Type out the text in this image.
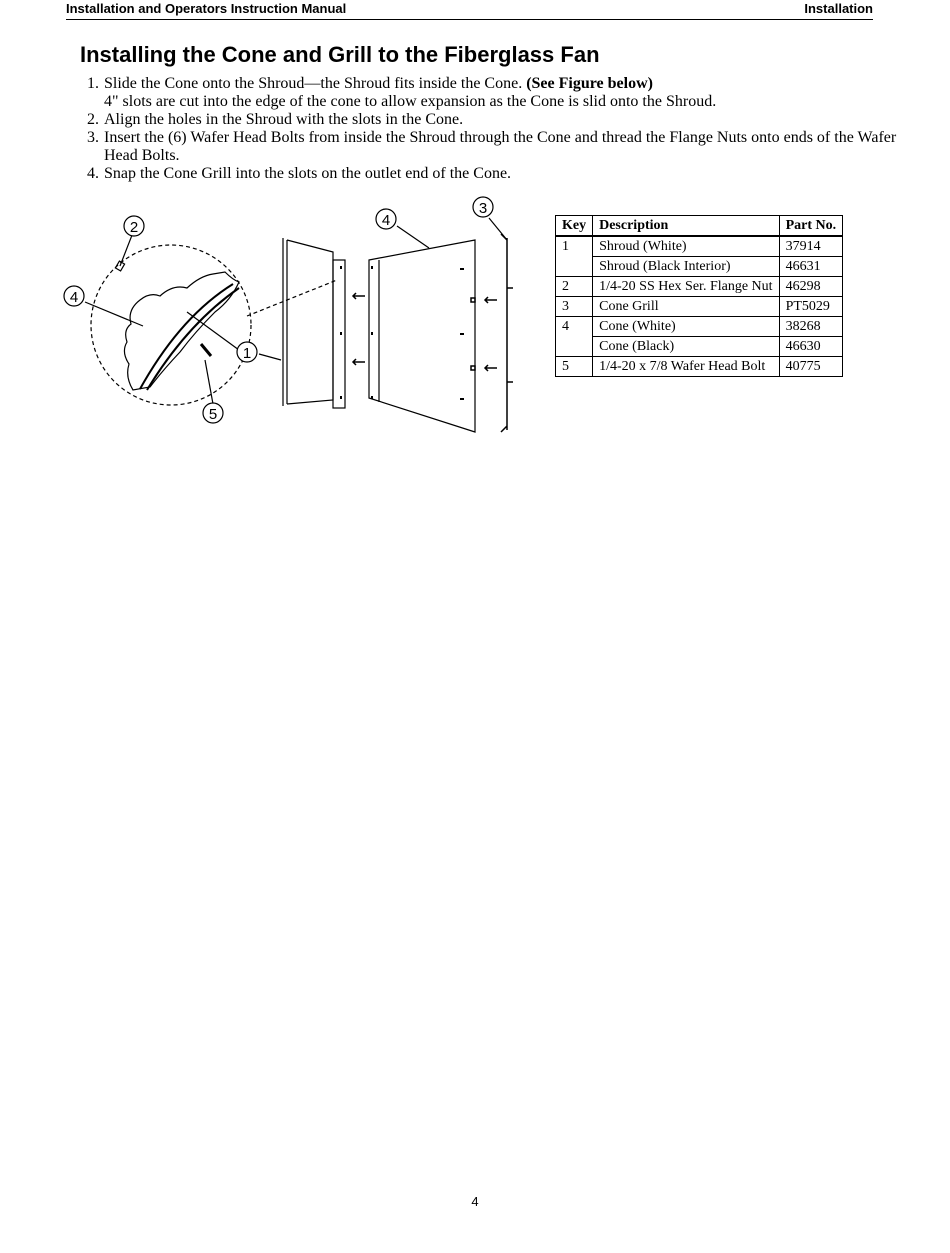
Installation and Operators Instruction Manual	Installation
Installing the Cone and Grill to the Fiberglass Fan

1. Slide the Cone onto the Shroud—the Shroud fits inside the Cone. (See Figure below)

4" slots are cut into the edge of the cone to allow expansion as the Cone is slid onto the Shroud.

2. Align the holes in the Shroud with the slots in the Cone.

3. Insert the (6) Wafer Head Bolts from inside the Shroud through the Cone and thread the Flange Nuts onto ends of the Wafer Head Bolts.

4. Snap the Cone Grill into the slots on the outlet end of the Cone.

1
2
3
4
4
5
Key	Description	Part No.
1	Shroud (White)	37914
	Shroud (Black Interior)	46631
2	1/4-20 SS Hex Ser. Flange Nut	46298
3	Cone Grill	PT5029
4	Cone (White)	38268
	Cone (Black)	46630
5	1/4-20 x 7/8 Wafer Head Bolt	40775
4
